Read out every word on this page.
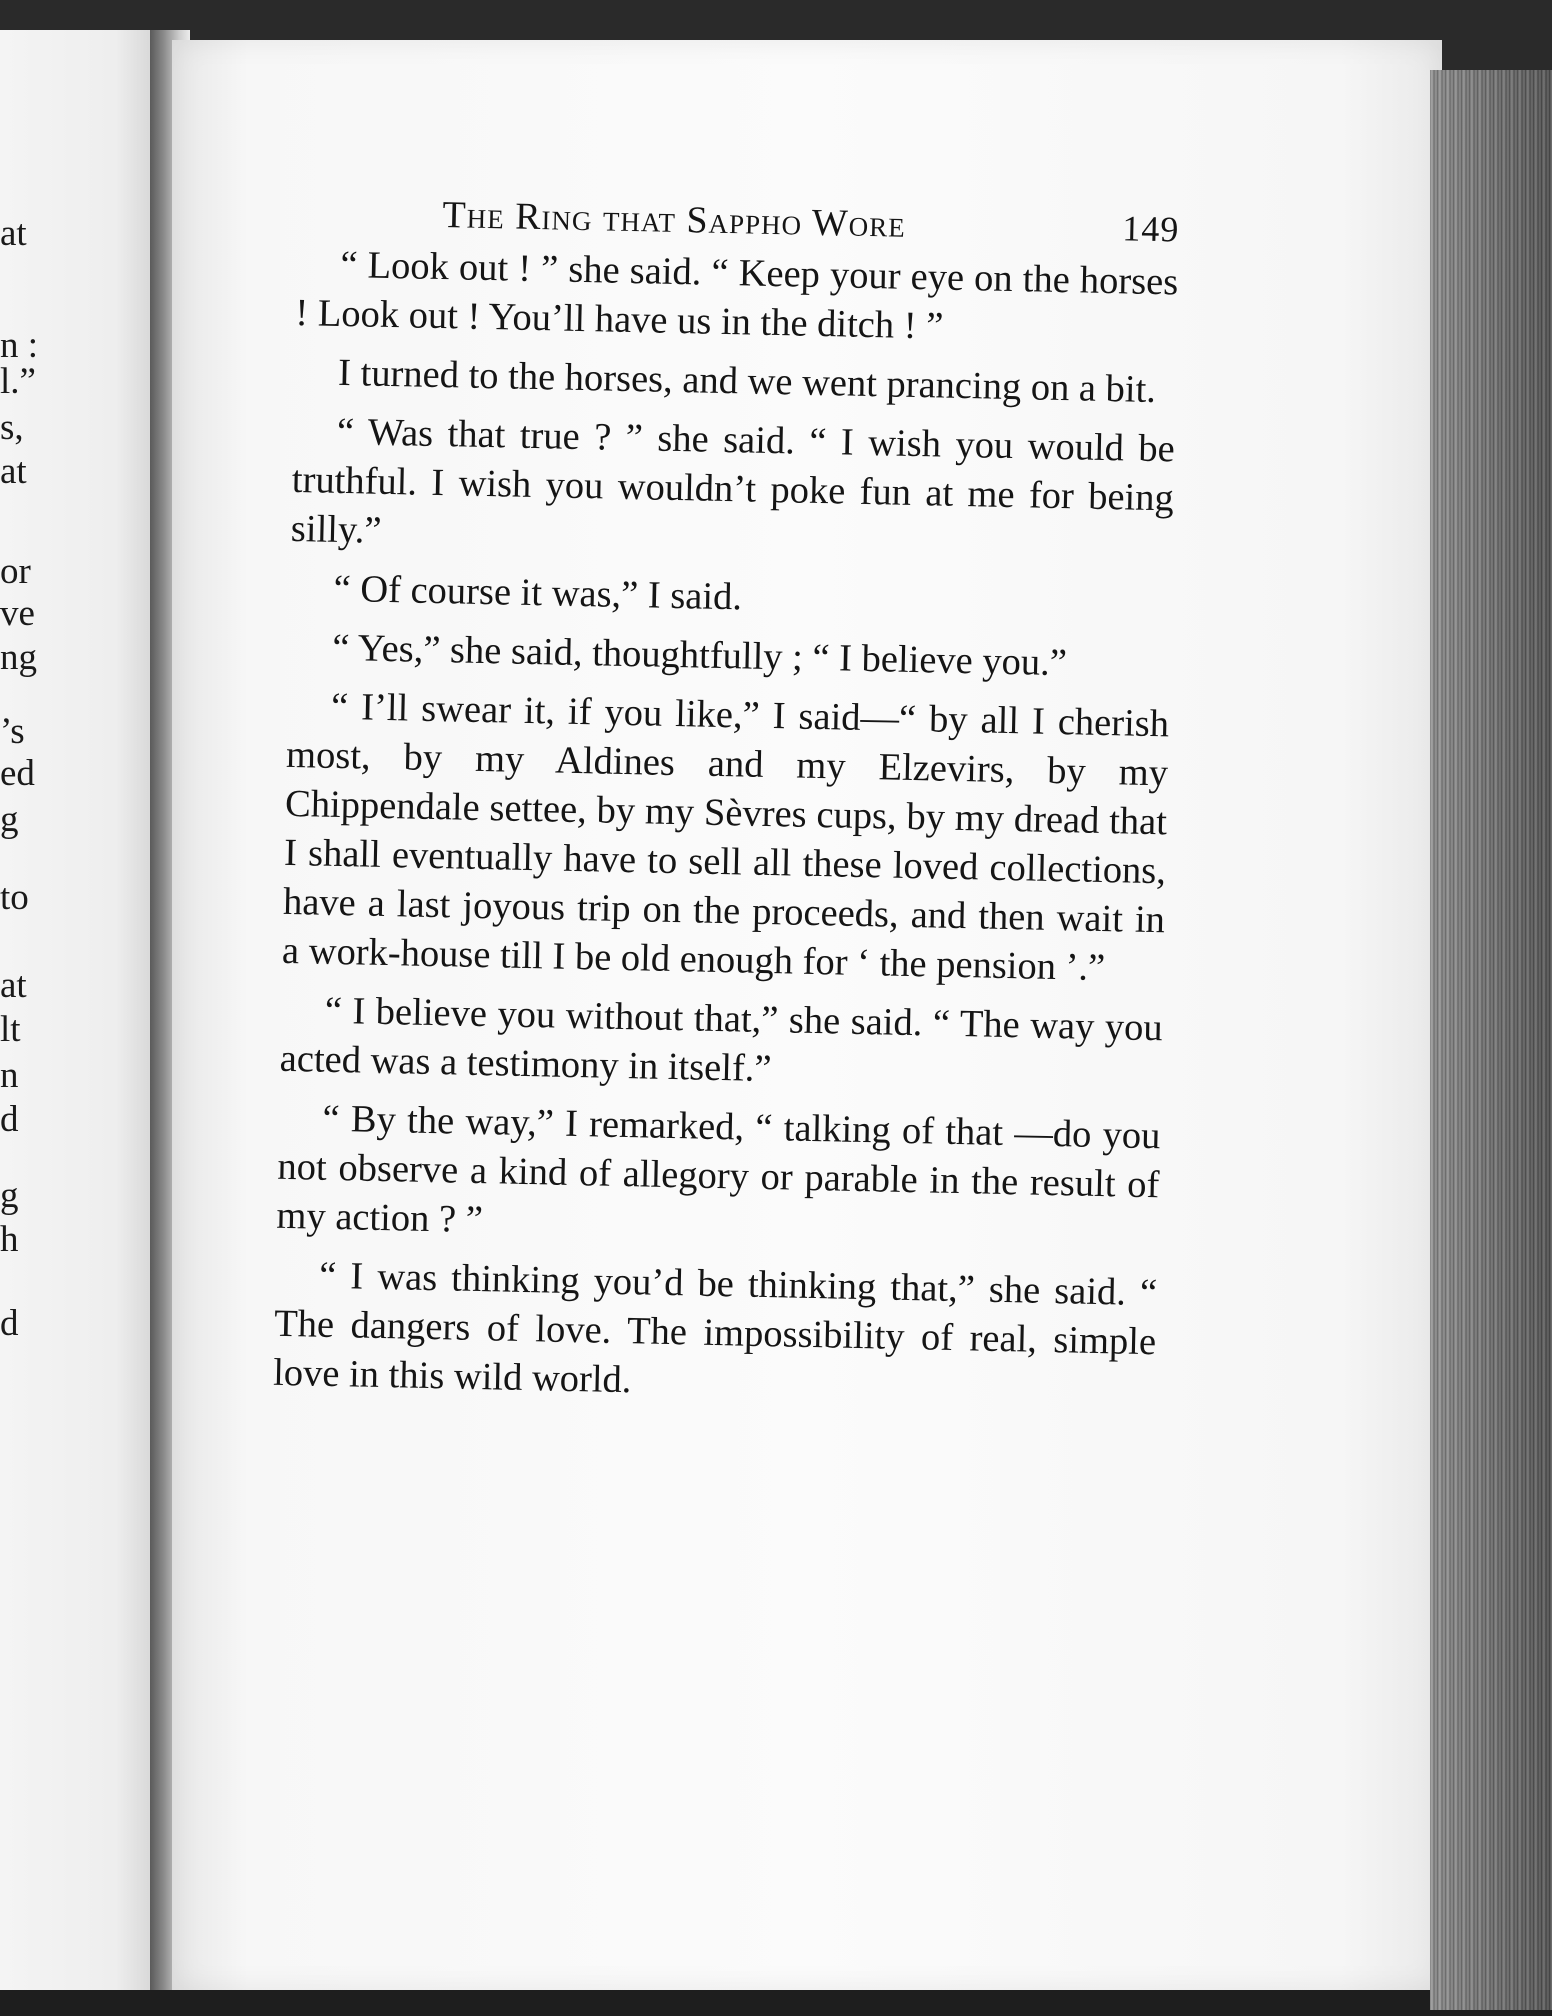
at
n :
l.”
s,
at
or
ve
ng
’s
ed
g
to
at
lt
n
d
g
h
d
The Ring that Sappho Wore	149

“ Look out ! ” she said. “ Keep your eye on the horses ! Look out ! You’ll have us in the ditch ! ”

I turned to the horses, and we went prancing on a bit.

“ Was that true ? ” she said. “ I wish you would be truthful. I wish you wouldn’t poke fun at me for being silly.”

“ Of course it was,” I said.

“ Yes,” she said, thoughtfully ; “ I believe you.”

“ I’ll swear it, if you like,” I said—“ by all I cherish most, by my Aldines and my Elzevirs, by my Chippendale settee, by my Sèvres cups, by my dread that I shall eventually have to sell all these loved collections, have a last joyous trip on the proceeds, and then wait in a work-house till I be old enough for ‘ the pension ’.”

“ I believe you without that,” she said. “ The way you acted was a testimony in itself.”

“ By the way,” I remarked, “ talking of that —do you not observe a kind of allegory or parable in the result of my action ? ”

“ I was thinking you’d be thinking that,” she said. “ The dangers of love. The impossibility of real, simple love in this wild world.
